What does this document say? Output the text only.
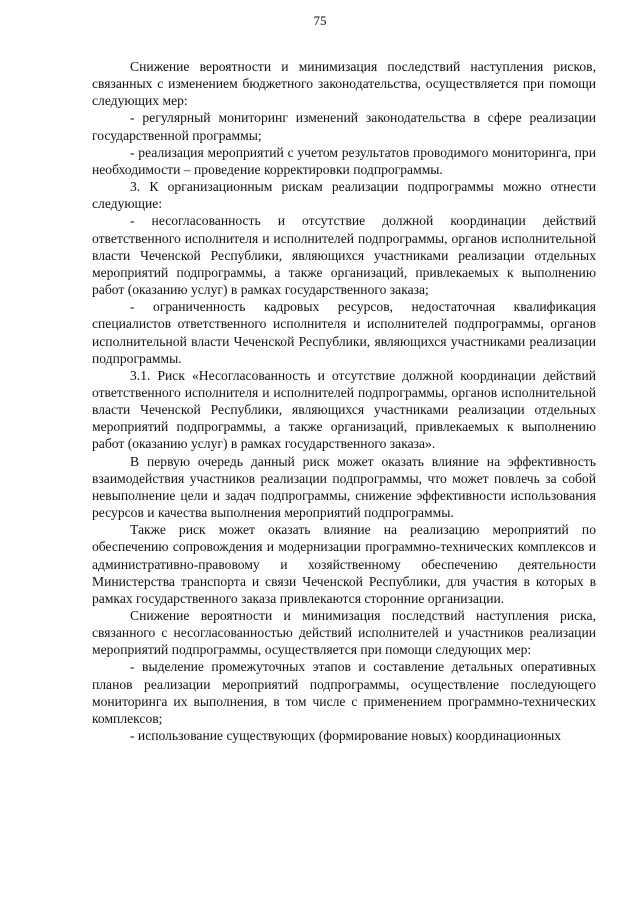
75

Снижение вероятности и минимизация последствий наступления рисков, связанных с изменением бюджетного законодательства, осуществляется при помощи следующих мер:

- регулярный мониторинг изменений законодательства в сфере реализации государственной программы;

- реализация мероприятий с учетом результатов проводимого мониторинга, при необходимости – проведение корректировки подпрограммы.

3. К организационным рискам реализации подпрограммы можно отнести следующие:

- несогласованность и отсутствие должной координации действий ответственного исполнителя и исполнителей подпрограммы, органов исполнительной власти Чеченской Республики, являющихся участниками реализации отдельных мероприятий подпрограммы, а также организаций, привлекаемых к выполнению работ (оказанию услуг) в рамках государственного заказа;

- ограниченность кадровых ресурсов, недостаточная квалификация специалистов ответственного исполнителя и исполнителей подпрограммы, органов исполнительной власти Чеченской Республики, являющихся участниками реализации подпрограммы.

3.1. Риск «Несогласованность и отсутствие должной координации действий ответственного исполнителя и исполнителей подпрограммы, органов исполнительной власти Чеченской Республики, являющихся участниками реализации отдельных мероприятий подпрограммы, а также организаций, привлекаемых к выполнению работ (оказанию услуг) в рамках государственного заказа».

В первую очередь данный риск может оказать влияние на эффективность взаимодействия участников реализации подпрограммы, что может повлечь за собой невыполнение цели и задач подпрограммы, снижение эффективности использования ресурсов и качества выполнения мероприятий подпрограммы.

Также риск может оказать влияние на реализацию мероприятий по обеспечению сопровождения и модернизации программно-технических комплексов и административно-правовому и хозяйственному обеспечению деятельности Министерства транспорта и связи Чеченской Республики, для участия в которых в рамках государственного заказа привлекаются сторонние организации.

Снижение вероятности и минимизация последствий наступления риска, связанного с несогласованностью действий исполнителей и участников реализации мероприятий подпрограммы, осуществляется при помощи следующих мер:

- выделение промежуточных этапов и составление детальных оперативных планов реализации мероприятий подпрограммы, осуществление последующего мониторинга их выполнения, в том числе с применением программно-технических комплексов;

- использование существующих (формирование новых) координационных
